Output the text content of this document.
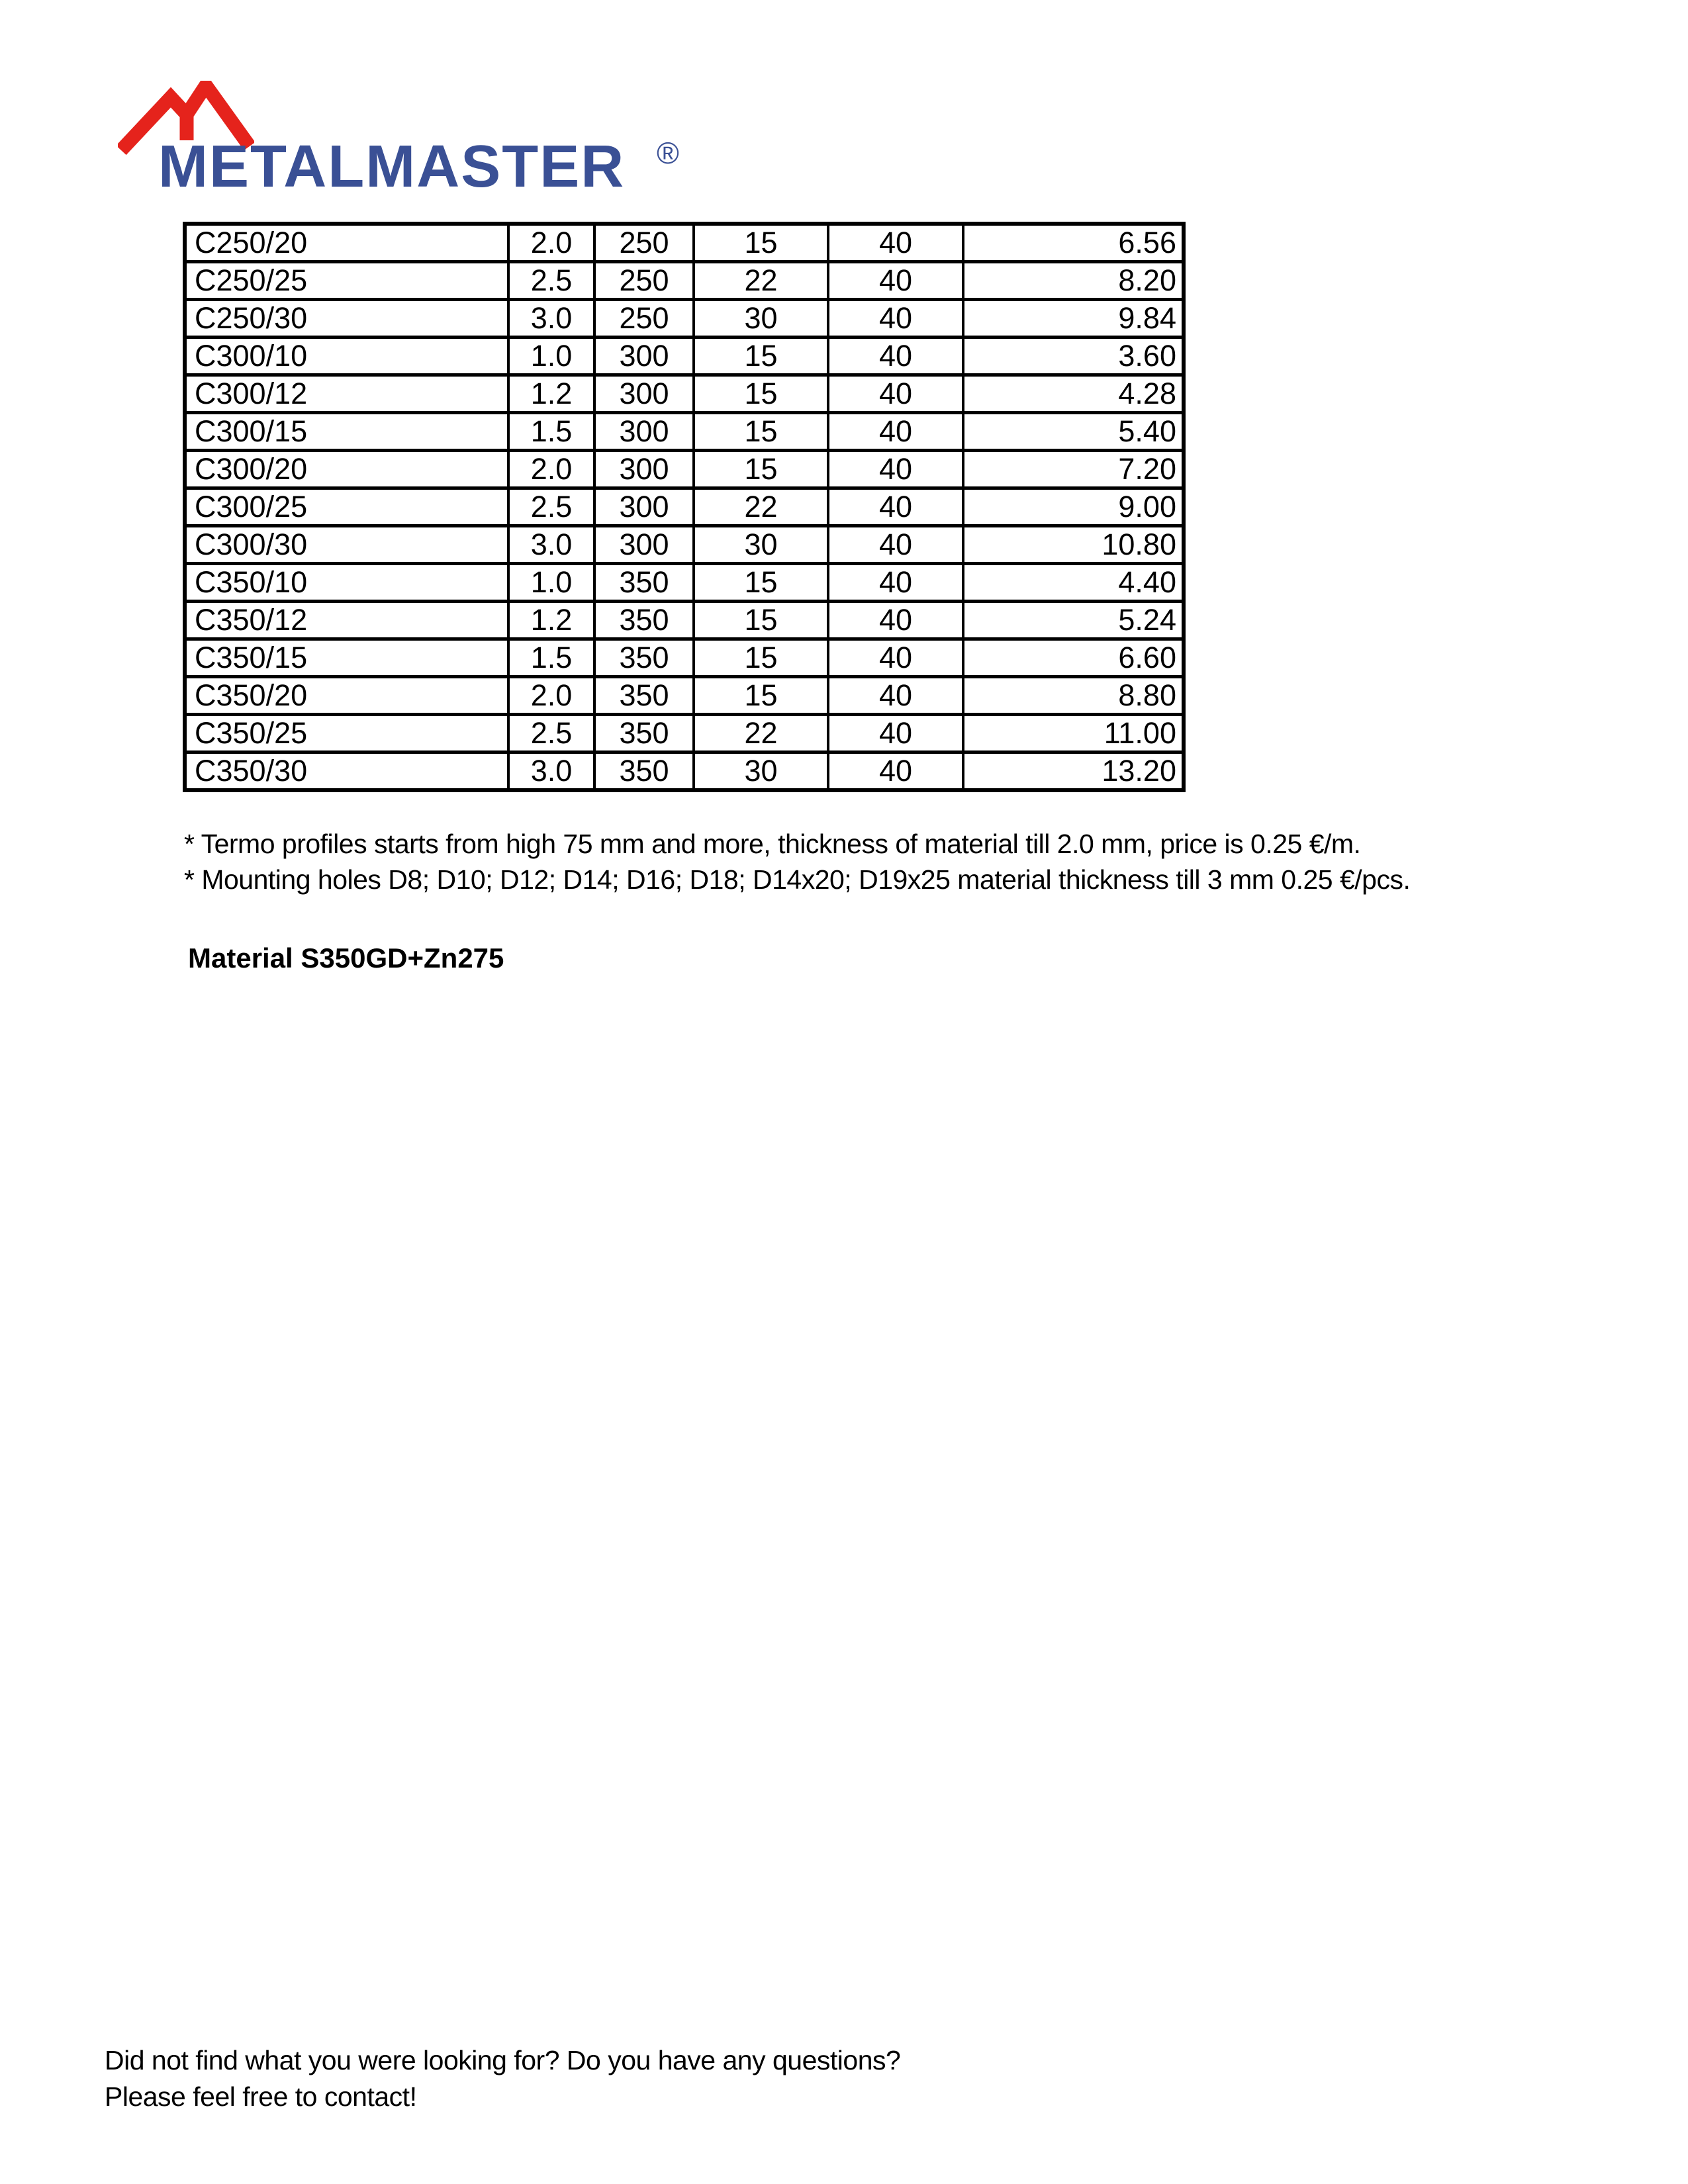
METALMASTER ®
C250/20	2.0	250	15	40	6.56
C250/25	2.5	250	22	40	8.20
C250/30	3.0	250	30	40	9.84
C300/10	1.0	300	15	40	3.60
C300/12	1.2	300	15	40	4.28
C300/15	1.5	300	15	40	5.40
C300/20	2.0	300	15	40	7.20
C300/25	2.5	300	22	40	9.00
C300/30	3.0	300	30	40	10.80
C350/10	1.0	350	15	40	4.40
C350/12	1.2	350	15	40	5.24
C350/15	1.5	350	15	40	6.60
C350/20	2.0	350	15	40	8.80
C350/25	2.5	350	22	40	11.00
C350/30	3.0	350	30	40	13.20
* Termo profiles starts from high 75 mm and more, thickness of material till 2.0 mm, price is 0.25 €/m.
* Mounting holes D8; D10; D12; D14; D16; D18; D14x20; D19x25 material thickness till 3 mm 0.25 €/pcs.
Material S350GD+Zn275
Did not find what you were looking for? Do you have any questions?
Please feel free to contact!
